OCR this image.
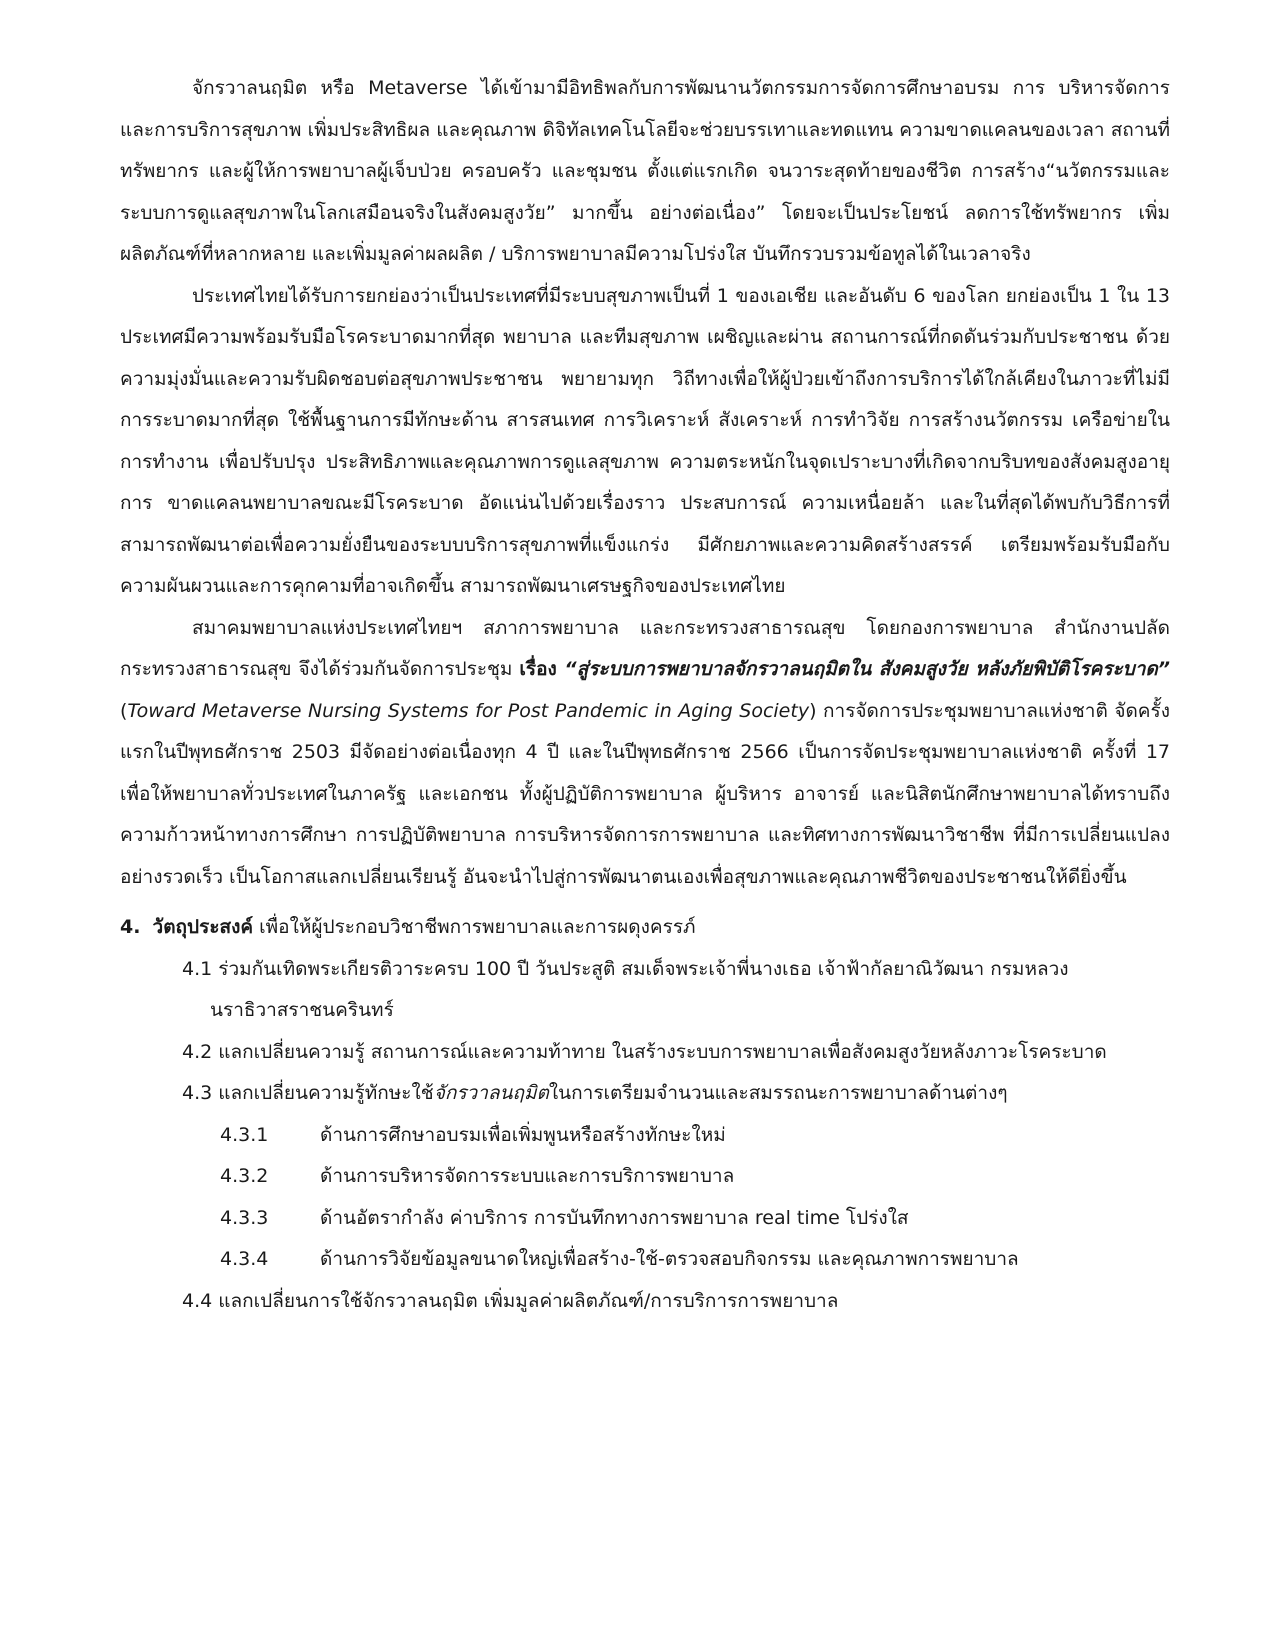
จักรวาลนฤมิต หรือ Metaverse ได้เข้ามามีอิทธิพลกับการพัฒนานวัตกรรมการจัดการศึกษาอบรม การ บริหารจัดการ และการบริการสุขภาพ เพิ่มประสิทธิผล และคุณภาพ ดิจิทัลเทคโนโลยีจะช่วยบรรเทาและทดแทน ความขาดแคลนของเวลา สถานที่ ทรัพยากร และผู้ให้การพยาบาลผู้เจ็บป่วย ครอบครัว และชุมชน ตั้งแต่แรกเกิด จนวาระสุดท้ายของชีวิต การสร้าง“นวัตกรรมและระบบการดูแลสุขภาพในโลกเสมือนจริงในสังคมสูงวัย” มากขึ้น อย่างต่อเนื่อง” โดยจะเป็นประโยชน์ ลดการใช้ทรัพยากร เพิ่มผลิตภัณฑ์ที่หลากหลาย และเพิ่มมูลค่าผลผลิต / บริการพยาบาลมีความโปร่งใส บันทึกรวบรวมข้อทูลได้ในเวลาจริง

ประเทศไทยได้รับการยกย่องว่าเป็นประเทศที่มีระบบสุขภาพเป็นที่ 1 ของเอเชีย และอันดับ 6 ของโลก ยกย่องเป็น 1 ใน 13 ประเทศมีความพร้อมรับมือโรคระบาดมากที่สุด พยาบาล และทีมสุขภาพ เผชิญและผ่าน สถานการณ์ที่กดดันร่วมกับประชาชน ด้วยความมุ่งมั่นและความรับผิดชอบต่อสุขภาพประชาชน พยายามทุก วิถีทางเพื่อให้ผู้ป่วยเข้าถึงการบริการได้ใกล้เคียงในภาวะที่ไม่มีการระบาดมากที่สุด ใช้พื้นฐานการมีทักษะด้าน สารสนเทศ การวิเคราะห์ สังเคราะห์ การทำวิจัย การสร้างนวัตกรรม เครือข่ายในการทำงาน เพื่อปรับปรุง ประสิทธิภาพและคุณภาพการดูแลสุขภาพ ความตระหนักในจุดเปราะบางที่เกิดจากบริบทของสังคมสูงอายุ การ ขาดแคลนพยาบาลขณะมีโรคระบาด อัดแน่นไปด้วยเรื่องราว ประสบการณ์ ความเหนื่อยล้า และในที่สุดได้พบกับวิธีการที่สามารถพัฒนาต่อเพื่อความยั่งยืนของระบบบริการสุขภาพที่แข็งแกร่ง มีศักยภาพและความคิดสร้างสรรค์ เตรียมพร้อมรับมือกับความผันผวนและการคุกคามที่อาจเกิดขึ้น สามารถพัฒนาเศรษฐกิจของประเทศไทย

สมาคมพยาบาลแห่งประเทศไทยฯ สภาการพยาบาล และกระทรวงสาธารณสุข โดยกองการพยาบาล สำนักงานปลัดกระทรวงสาธารณสุข จึงได้ร่วมกันจัดการประชุม เรื่อง “สู่ระบบการพยาบาลจักรวาลนฤมิตใน สังคมสูงวัย หลังภัยพิบัติโรคระบาด” (Toward Metaverse Nursing Systems for Post Pandemic in Aging Society) การจัดการประชุมพยาบาลแห่งชาติ จัดครั้งแรกในปีพุทธศักราช 2503 มีจัดอย่างต่อเนื่องทุก 4 ปี และในปีพุทธศักราช 2566 เป็นการจัดประชุมพยาบาลแห่งชาติ ครั้งที่ 17 เพื่อให้พยาบาลทั่วประเทศในภาครัฐ และเอกชน ทั้งผู้ปฏิบัติการพยาบาล ผู้บริหาร อาจารย์ และนิสิตนักศึกษาพยาบาลได้ทราบถึงความก้าวหน้าทางการศึกษา การปฏิบัติพยาบาล การบริหารจัดการการพยาบาล และทิศทางการพัฒนาวิชาชีพ ที่มีการเปลี่ยนแปลงอย่างรวดเร็ว เป็นโอกาสแลกเปลี่ยนเรียนรู้ อันจะนำไปสู่การพัฒนาตนเองเพื่อสุขภาพและคุณภาพชีวิตของประชาชนให้ดียิ่งขึ้น

4. วัตถุประสงค์ เพื่อให้ผู้ประกอบวิชาชีพการพยาบาลและการผดุงครรภ์
4.1 ร่วมกันเทิดพระเกียรติวาระครบ 100 ปี วันประสูติ สมเด็จพระเจ้าพี่นางเธอ เจ้าฟ้ากัลยาณิวัฒนา กรมหลวง
นราธิวาสราชนครินทร์
4.2 แลกเปลี่ยนความรู้ สถานการณ์และความท้าทาย ในสร้างระบบการพยาบาลเพื่อสังคมสูงวัยหลังภาวะโรคระบาด
4.3 แลกเปลี่ยนความรู้ทักษะใช้จักรวาลนฤมิตในการเตรียมจำนวนและสมรรถนะการพยาบาลด้านต่างๆ
4.3.1	ด้านการศึกษาอบรมเพื่อเพิ่มพูนหรือสร้างทักษะใหม่
4.3.2	ด้านการบริหารจัดการระบบและการบริการพยาบาล
4.3.3	ด้านอัตรากำลัง ค่าบริการ การบันทึกทางการพยาบาล real time โปร่งใส
4.3.4	ด้านการวิจัยข้อมูลขนาดใหญ่เพื่อสร้าง-ใช้-ตรวจสอบกิจกรรม และคุณภาพการพยาบาล
4.4 แลกเปลี่ยนการใช้จักรวาลนฤมิต เพิ่มมูลค่าผลิตภัณฑ์/การบริการการพยาบาล
